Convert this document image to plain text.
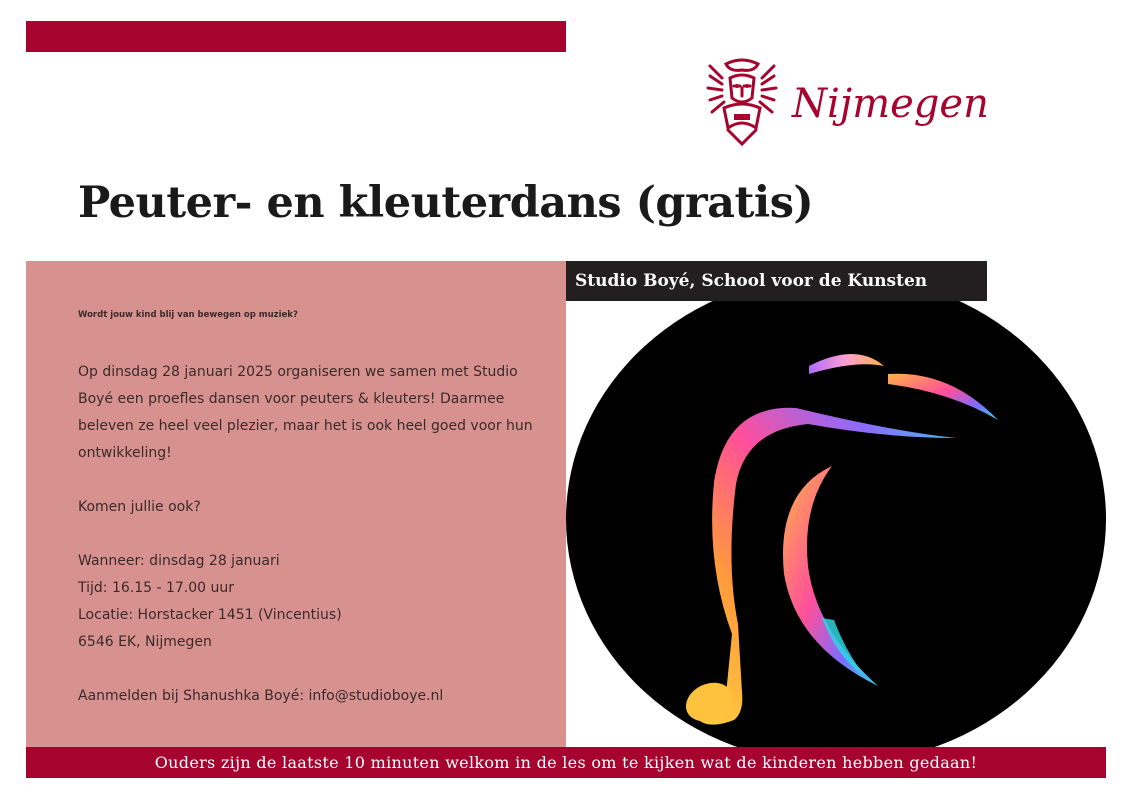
Nijmegen
Peuter- en kleuterdans (gratis)
Wordt jouw kind blij van bewegen op muziek?

Op dinsdag 28 januari 2025 organiseren we samen met Studio
Boyé een proefles dansen voor peuters & kleuters! Daarmee
beleven ze heel veel plezier, maar het is ook heel goed voor hun
ontwikkeling!

Komen jullie ook?

Wanneer: dinsdag 28 januari
Tijd: 16.15 - 17.00 uur
Locatie: Horstacker 1451 (Vincentius)
6546 EK, Nijmegen

Aanmelden bij Shanushka Boyé: info@studioboye.nl

Studio Boyé, School voor de Kunsten
Ouders zijn de laatste 10 minuten welkom in de les om te kijken wat de kinderen hebben gedaan!
